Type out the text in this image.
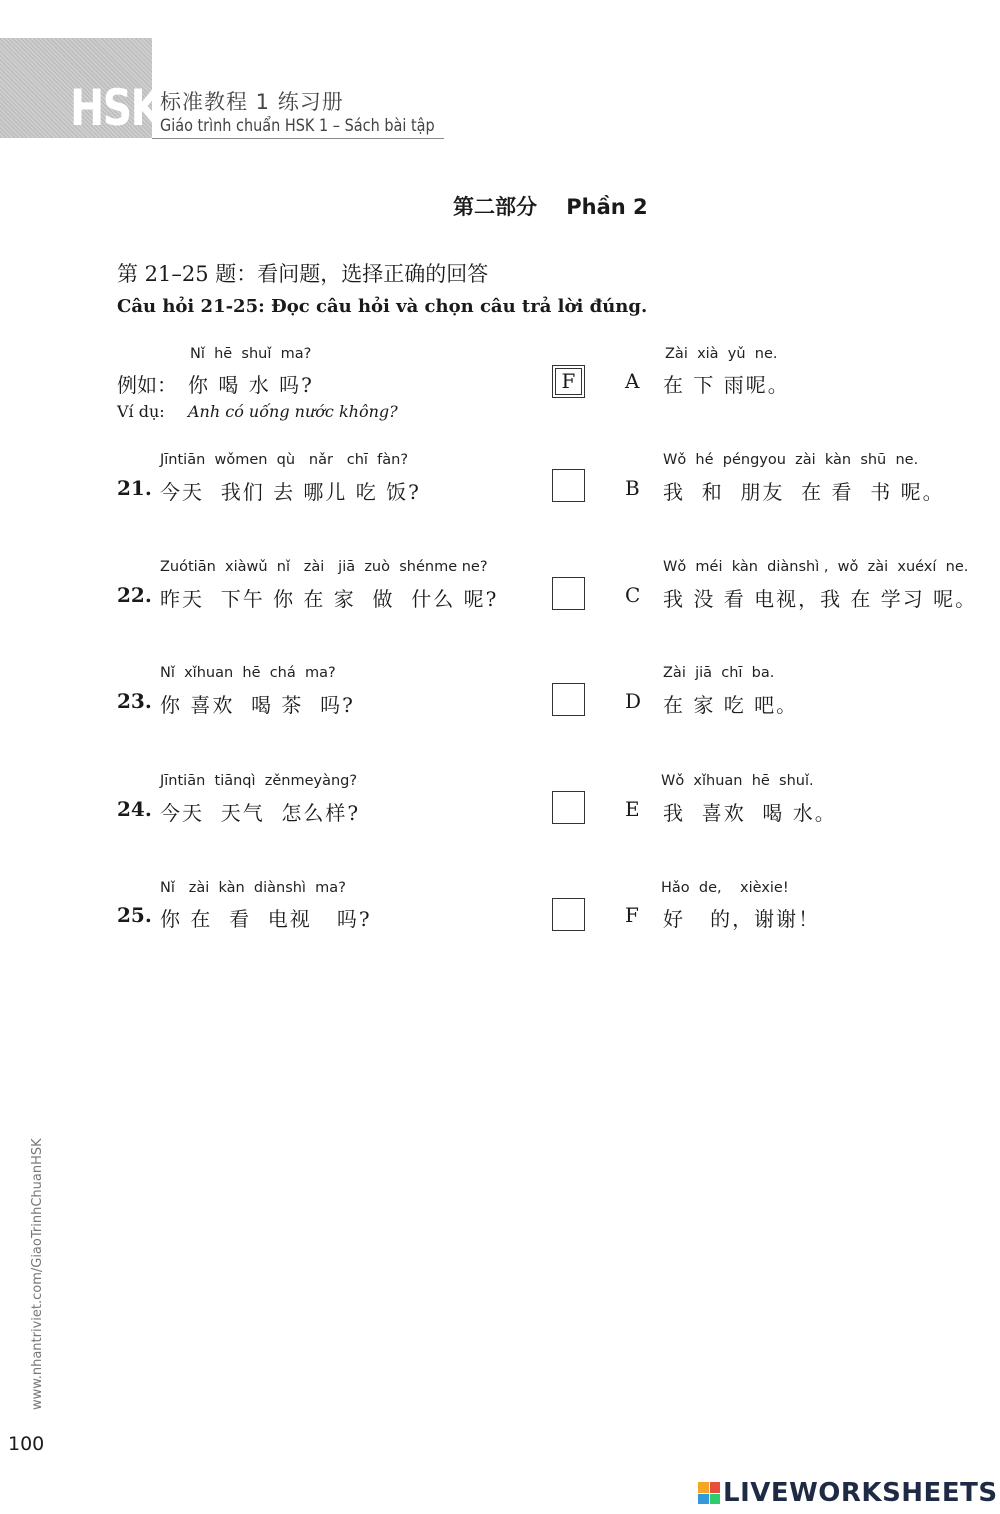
HSK 标准教程 1 练习册
Giáo trình chuẩn HSK 1 – Sách bài tập
第二部分    Phần 2
第 21–25 题：看问题，选择正确的回答
Câu hỏi 21-25: Đọc câu hỏi và chọn câu trả lời đúng.
Nǐ  hē  shuǐ  ma?
例如： 你 喝 水 吗?
Ví dụ: Anh có uống nước không?
F
Jīntiān  wǒmen  qù   nǎr   chī  fàn?
21. 今天  我们 去 哪儿 吃 饭?
Zuótiān  xiàwǔ  nǐ   zài   jiā  zuò  shénme ne?
22. 昨天  下午 你 在 家  做  什么 呢?
Nǐ  xǐhuan  hē  chá  ma?
23. 你 喜欢  喝 茶  吗?
Jīntiān  tiānqì  zěnmeyàng?
24. 今天  天气  怎么样?
Nǐ   zài  kàn  diànshì  ma?
25. 你 在  看  电视   吗?
Zài  xià  yǔ  ne.
A 在 下 雨呢。
Wǒ  hé  péngyou  zài  kàn  shū  ne.
B 我  和  朋友  在 看  书 呢。
Wǒ  méi  kàn  diànshì ,  wǒ  zài  xuéxí  ne.
C 我 没 看 电视，我 在 学习 呢。
Zài  jiā  chī  ba.
D 在 家 吃 吧。
Wǒ  xǐhuan  hē  shuǐ.
E 我  喜欢  喝 水。
Hǎo  de,    xièxie!
F 好   的，谢谢！
www.nhantriviet.com/GiaoTrinhChuanHSK
100
LIVEWORKSHEETS
